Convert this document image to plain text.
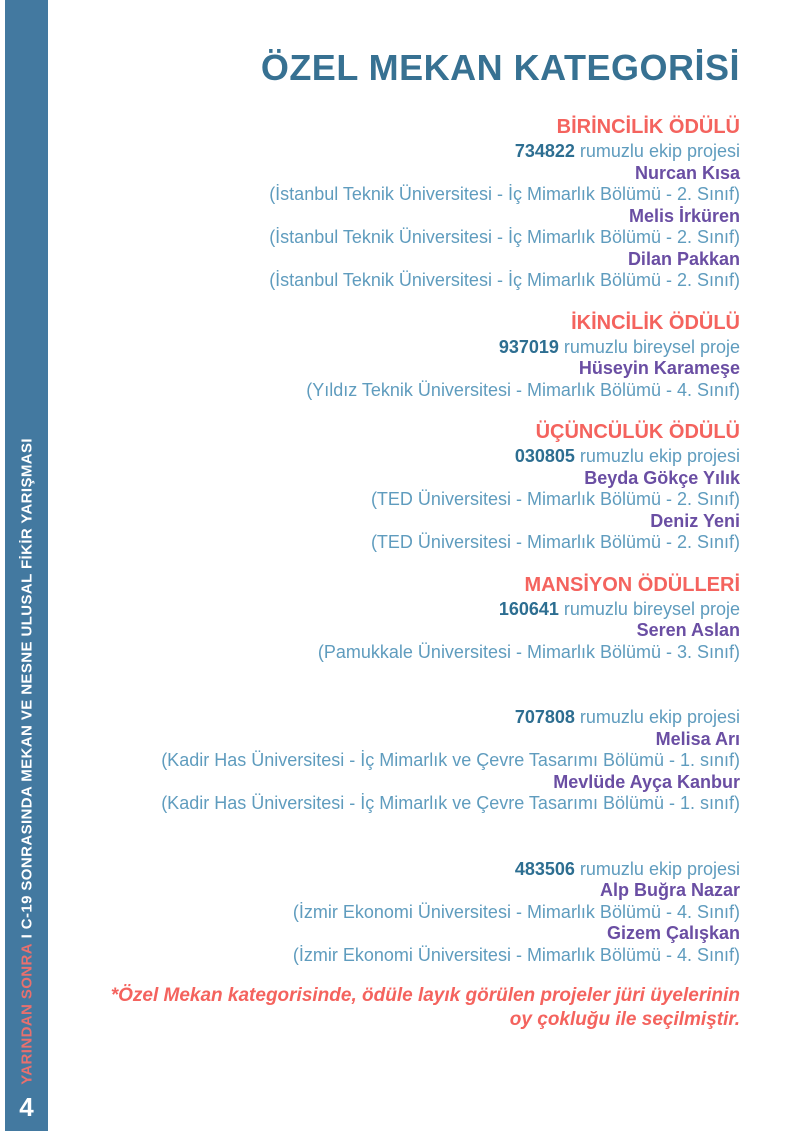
YARINDAN SONRA I C-19 SONRASINDA MEKAN VE NESNE ULUSAL FİKİR YARIŞMASI
4
ÖZEL MEKAN KATEGORİSİ
BİRİNCİLİK ÖDÜLÜ
734822 rumuzlu ekip projesi
Nurcan Kısa
(İstanbul Teknik Üniversitesi - İç Mimarlık Bölümü - 2. Sınıf)
Melis İrküren
(İstanbul Teknik Üniversitesi - İç Mimarlık Bölümü - 2. Sınıf)
Dilan Pakkan
(İstanbul Teknik Üniversitesi - İç Mimarlık Bölümü - 2. Sınıf)
İKİNCİLİK ÖDÜLÜ
937019 rumuzlu bireysel proje
Hüseyin Karameşe
(Yıldız Teknik Üniversitesi - Mimarlık Bölümü - 4. Sınıf)
ÜÇÜNCÜLÜK ÖDÜLÜ
030805 rumuzlu ekip projesi
Beyda Gökçe Yılık
(TED Üniversitesi - Mimarlık Bölümü - 2. Sınıf)
Deniz Yeni
(TED Üniversitesi - Mimarlık Bölümü - 2. Sınıf)
MANSİYON ÖDÜLLERİ
160641 rumuzlu bireysel proje
Seren Aslan
(Pamukkale Üniversitesi - Mimarlık Bölümü - 3. Sınıf)
707808 rumuzlu ekip projesi
Melisa Arı
(Kadir Has Üniversitesi - İç Mimarlık ve Çevre Tasarımı Bölümü - 1. sınıf)
Mevlüde Ayça Kanbur
(Kadir Has Üniversitesi - İç Mimarlık ve Çevre Tasarımı Bölümü - 1. sınıf)
483506 rumuzlu ekip projesi
Alp Buğra Nazar
(İzmir Ekonomi Üniversitesi - Mimarlık Bölümü - 4. Sınıf)
Gizem Çalışkan
(İzmir Ekonomi Üniversitesi - Mimarlık Bölümü - 4. Sınıf)
*Özel Mekan kategorisinde, ödüle layık görülen projeler jüri üyelerinin
oy çokluğu ile seçilmiştir.
